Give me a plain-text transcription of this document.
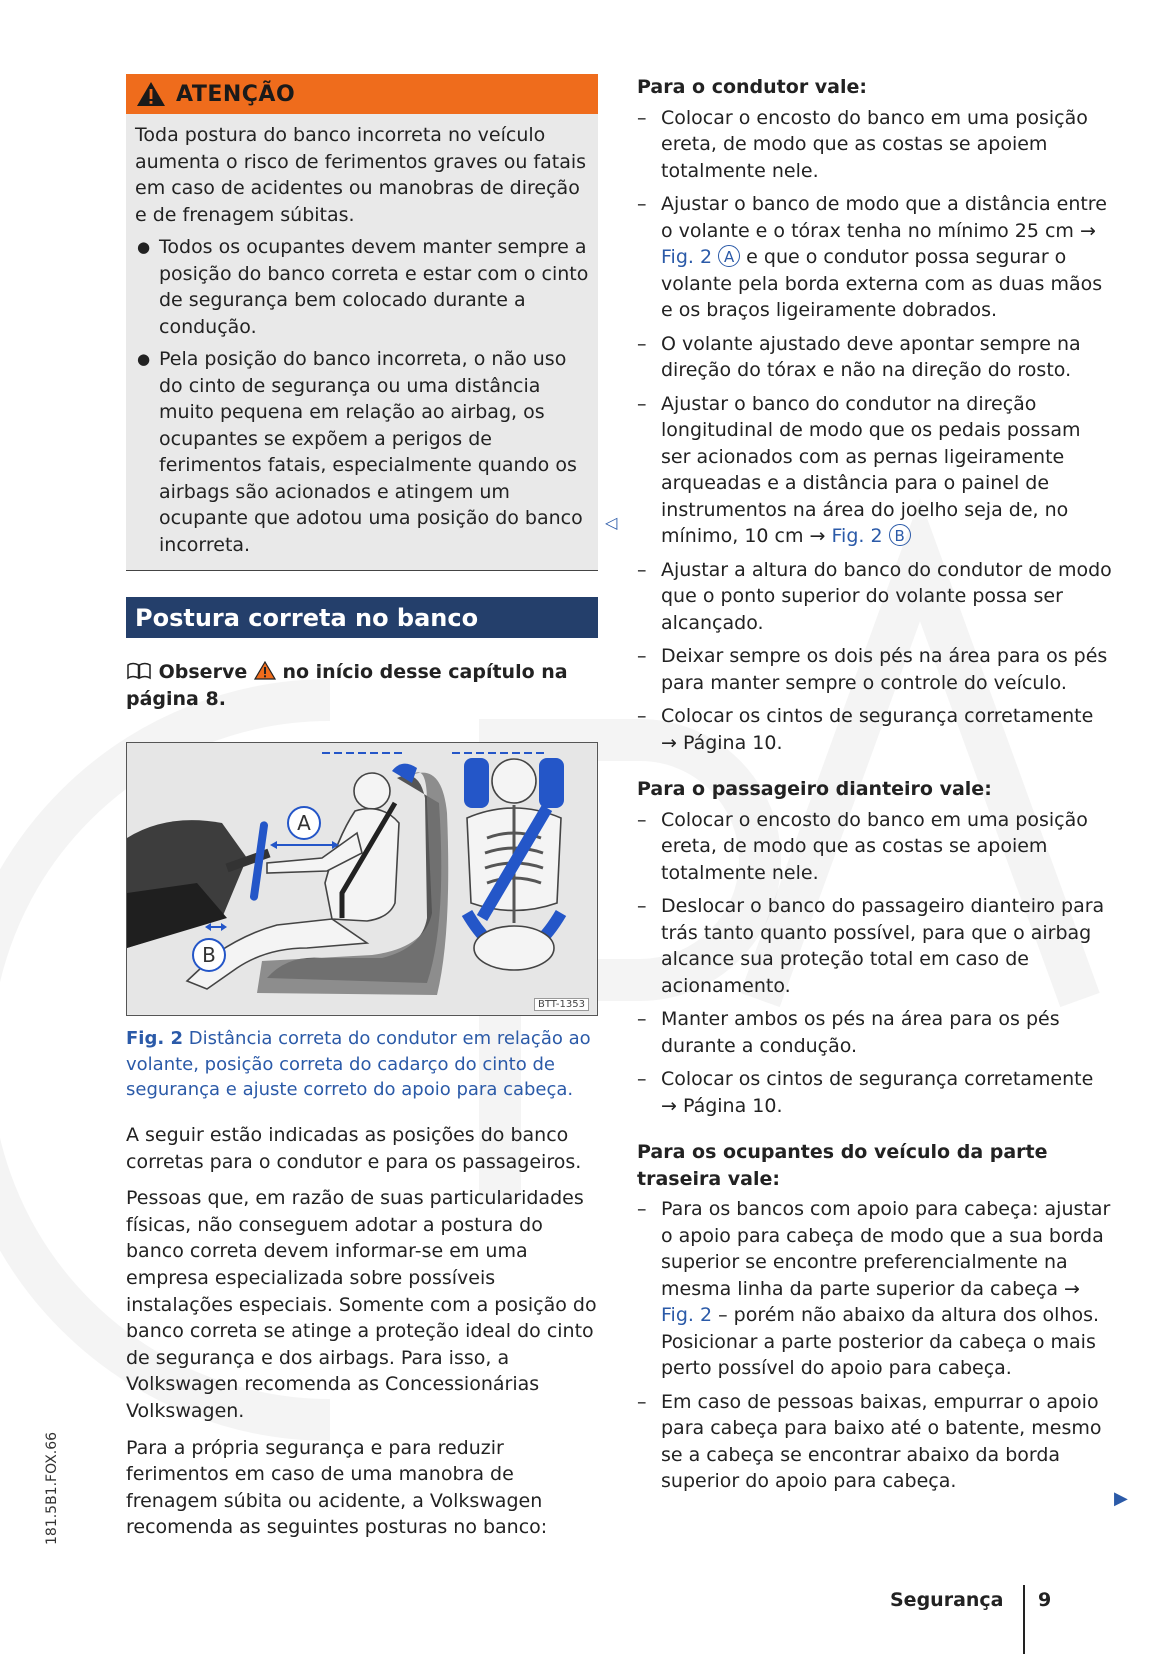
ATENÇÃO

Toda postura do banco incorreta no veículo aumenta o risco de ferimentos graves ou fatais em caso de acidentes ou manobras de direção e de frenagem súbitas.

● Todos os ocupantes devem manter sempre a posição do banco correta e estar com o cinto de segurança bem colocado durante a condução.
● Pela posição do banco incorreta, o não uso do cinto de segurança ou uma distância muito pequena em relação ao airbag, os ocupantes se expõem a perigos de ferimentos fatais, especialmente quando os airbags são acionados e atingem um ocupante que adotou uma posição do banco incorreta.
◁
Postura correta no banco
Observe no início desse capítulo na página 8.
A
B
BTT-1353
Fig. 2 Distância correta do condutor em relação ao volante, posição correta do cadarço do cinto de segurança e ajuste correto do apoio para cabeça.

A seguir estão indicadas as posições do banco corretas para o condutor e para os passageiros.

Pessoas que, em razão de suas particularidades físicas, não conseguem adotar a postura do banco correta devem informar-se em uma empresa especializada sobre possíveis instalações especiais. Somente com a posição do banco correta se atinge a proteção ideal do cinto de segurança e dos airbags. Para isso, a Volkswagen recomenda as Concessionárias Volkswagen.

Para a própria segurança e para reduzir ferimentos em caso de uma manobra de frenagem súbita ou acidente, a Volkswagen recomenda as seguintes posturas no banco:

Para o condutor vale:
– Colocar o encosto do banco em uma posição ereta, de modo que as costas se apoiem totalmente nele.
– Ajustar o banco de modo que a distância entre o volante e o tórax tenha no mínimo 25 cm → Fig. 2 A e que o condutor possa segurar o volante pela borda externa com as duas mãos e os braços ligeiramente dobrados.
– O volante ajustado deve apontar sempre na direção do tórax e não na direção do rosto.
– Ajustar o banco do condutor na direção longitudinal de modo que os pedais possam ser acionados com as pernas ligeiramente arqueadas e a distância para o painel de instrumentos na área do joelho seja de, no mínimo, 10 cm → Fig. 2 B
– Ajustar a altura do banco do condutor de modo que o ponto superior do volante possa ser alcançado.
– Deixar sempre os dois pés na área para os pés para manter sempre o controle do veículo.
– Colocar os cintos de segurança corretamente → Página 10.
Para o passageiro dianteiro vale:
– Colocar o encosto do banco em uma posição ereta, de modo que as costas se apoiem totalmente nele.
– Deslocar o banco do passageiro dianteiro para trás tanto quanto possível, para que o airbag alcance sua proteção total em caso de acionamento.
– Manter ambos os pés na área para os pés durante a condução.
– Colocar os cintos de segurança corretamente → Página 10.
Para os ocupantes do veículo da parte traseira vale:
– Para os bancos com apoio para cabeça: ajustar o apoio para cabeça de modo que a sua borda superior se encontre preferencialmente na mesma linha da parte superior da cabeça → Fig. 2 – porém não abaixo da altura dos olhos. Posicionar a parte posterior da cabeça o mais perto possível do apoio para cabeça.
– Em caso de pessoas baixas, empurrar o apoio para cabeça para baixo até o batente, mesmo se a cabeça se encontrar abaixo da borda superior do apoio para cabeça.
▶
181.5B1.FOX.66
Segurança 9
